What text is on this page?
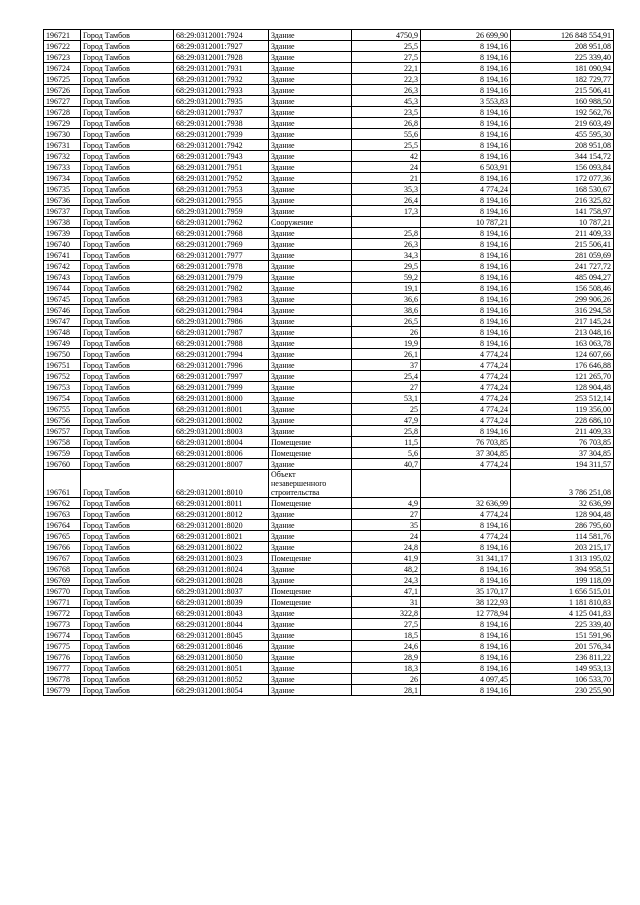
196721	Город Тамбов	68:29:0312001:7924	Здание	4750,9	26 699,90	126 848 554,91
196722	Город Тамбов	68:29:0312001:7927	Здание	25,5	8 194,16	208 951,08
196723	Город Тамбов	68:29:0312001:7928	Здание	27,5	8 194,16	225 339,40
196724	Город Тамбов	68:29:0312001:7931	Здание	22,1	8 194,16	181 090,94
196725	Город Тамбов	68:29:0312001:7932	Здание	22,3	8 194,16	182 729,77
196726	Город Тамбов	68:29:0312001:7933	Здание	26,3	8 194,16	215 506,41
196727	Город Тамбов	68:29:0312001:7935	Здание	45,3	3 553,83	160 988,50
196728	Город Тамбов	68:29:0312001:7937	Здание	23,5	8 194,16	192 562,76
196729	Город Тамбов	68:29:0312001:7938	Здание	26,8	8 194,16	219 603,49
196730	Город Тамбов	68:29:0312001:7939	Здание	55,6	8 194,16	455 595,30
196731	Город Тамбов	68:29:0312001:7942	Здание	25,5	8 194,16	208 951,08
196732	Город Тамбов	68:29:0312001:7943	Здание	42	8 194,16	344 154,72
196733	Город Тамбов	68:29:0312001:7951	Здание	24	6 503,91	156 093,84
196734	Город Тамбов	68:29:0312001:7952	Здание	21	8 194,16	172 077,36
196735	Город Тамбов	68:29:0312001:7953	Здание	35,3	4 774,24	168 530,67
196736	Город Тамбов	68:29:0312001:7955	Здание	26,4	8 194,16	216 325,82
196737	Город Тамбов	68:29:0312001:7959	Здание	17,3	8 194,16	141 758,97
196738	Город Тамбов	68:29:0312001:7962	Сооружение		10 787,21	10 787,21
196739	Город Тамбов	68:29:0312001:7968	Здание	25,8	8 194,16	211 409,33
196740	Город Тамбов	68:29:0312001:7969	Здание	26,3	8 194,16	215 506,41
196741	Город Тамбов	68:29:0312001:7977	Здание	34,3	8 194,16	281 059,69
196742	Город Тамбов	68:29:0312001:7978	Здание	29,5	8 194,16	241 727,72
196743	Город Тамбов	68:29:0312001:7979	Здание	59,2	8 194,16	485 094,27
196744	Город Тамбов	68:29:0312001:7982	Здание	19,1	8 194,16	156 508,46
196745	Город Тамбов	68:29:0312001:7983	Здание	36,6	8 194,16	299 906,26
196746	Город Тамбов	68:29:0312001:7984	Здание	38,6	8 194,16	316 294,58
196747	Город Тамбов	68:29:0312001:7986	Здание	26,5	8 194,16	217 145,24
196748	Город Тамбов	68:29:0312001:7987	Здание	26	8 194,16	213 048,16
196749	Город Тамбов	68:29:0312001:7988	Здание	19,9	8 194,16	163 063,78
196750	Город Тамбов	68:29:0312001:7994	Здание	26,1	4 774,24	124 607,66
196751	Город Тамбов	68:29:0312001:7996	Здание	37	4 774,24	176 646,88
196752	Город Тамбов	68:29:0312001:7997	Здание	25,4	4 774,24	121 265,70
196753	Город Тамбов	68:29:0312001:7999	Здание	27	4 774,24	128 904,48
196754	Город Тамбов	68:29:0312001:8000	Здание	53,1	4 774,24	253 512,14
196755	Город Тамбов	68:29:0312001:8001	Здание	25	4 774,24	119 356,00
196756	Город Тамбов	68:29:0312001:8002	Здание	47,9	4 774,24	228 686,10
196757	Город Тамбов	68:29:0312001:8003	Здание	25,8	8 194,16	211 409,33
196758	Город Тамбов	68:29:0312001:8004	Помещение	11,5	76 703,85	76 703,85
196759	Город Тамбов	68:29:0312001:8006	Помещение	5,6	37 304,85	37 304,85
196760	Город Тамбов	68:29:0312001:8007	Здание	40,7	4 774,24	194 311,57
196761	Город Тамбов	68:29:0312001:8010	Объект незавершенного строительства			3 786 251,08
196762	Город Тамбов	68:29:0312001:8011	Помещение	4,9	32 636,99	32 636,99
196763	Город Тамбов	68:29:0312001:8012	Здание	27	4 774,24	128 904,48
196764	Город Тамбов	68:29:0312001:8020	Здание	35	8 194,16	286 795,60
196765	Город Тамбов	68:29:0312001:8021	Здание	24	4 774,24	114 581,76
196766	Город Тамбов	68:29:0312001:8022	Здание	24,8	8 194,16	203 215,17
196767	Город Тамбов	68:29:0312001:8023	Помещение	41,9	31 341,17	1 313 195,02
196768	Город Тамбов	68:29:0312001:8024	Здание	48,2	8 194,16	394 958,51
196769	Город Тамбов	68:29:0312001:8028	Здание	24,3	8 194,16	199 118,09
196770	Город Тамбов	68:29:0312001:8037	Помещение	47,1	35 170,17	1 656 515,01
196771	Город Тамбов	68:29:0312001:8039	Помещение	31	38 122,93	1 181 810,83
196772	Город Тамбов	68:29:0312001:8043	Здание	322,8	12 778,94	4 125 041,83
196773	Город Тамбов	68:29:0312001:8044	Здание	27,5	8 194,16	225 339,40
196774	Город Тамбов	68:29:0312001:8045	Здание	18,5	8 194,16	151 591,96
196775	Город Тамбов	68:29:0312001:8046	Здание	24,6	8 194,16	201 576,34
196776	Город Тамбов	68:29:0312001:8050	Здание	28,9	8 194,16	236 811,22
196777	Город Тамбов	68:29:0312001:8051	Здание	18,3	8 194,16	149 953,13
196778	Город Тамбов	68:29:0312001:8052	Здание	26	4 097,45	106 533,70
196779	Город Тамбов	68:29:0312001:8054	Здание	28,1	8 194,16	230 255,90
